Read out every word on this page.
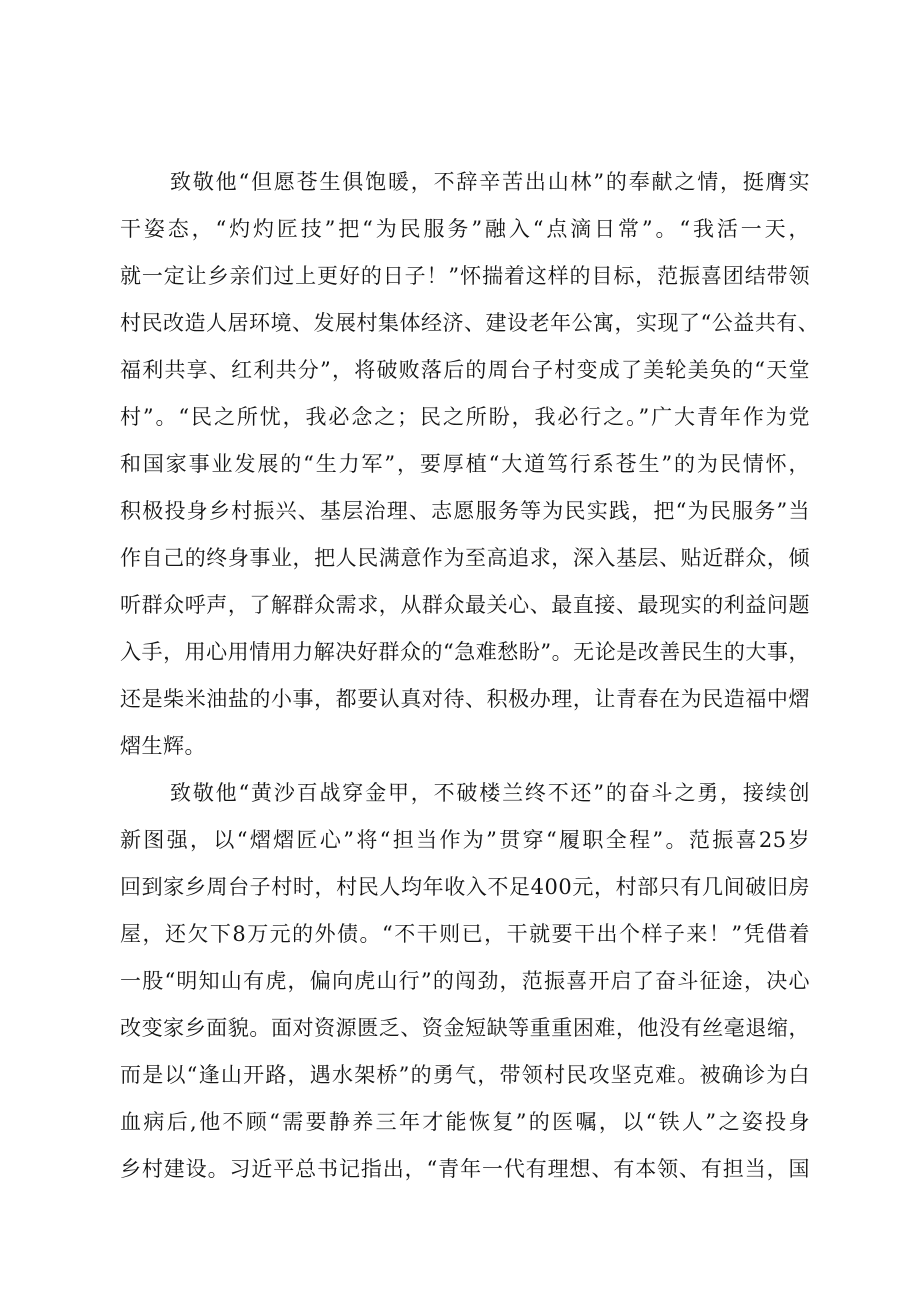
致敬他“但愿苍生俱饱暖，不辞辛苦出山林”的奉献之情，挺膺实
干姿态，“灼灼匠技”把“为民服务”融入“点滴日常”。“我活一天，
就一定让乡亲们过上更好的日子！”怀揣着这样的目标，范振喜团结带领
村民改造人居环境、发展村集体经济、建设老年公寓，实现了“公益共有、
福利共享、红利共分”，将破败落后的周台子村变成了美轮美奂的“天堂
村”。“民之所忧，我必念之；民之所盼，我必行之。”广大青年作为党
和国家事业发展的“生力军”，要厚植“大道笃行系苍生”的为民情怀，
积极投身乡村振兴、基层治理、志愿服务等为民实践，把“为民服务”当
作自己的终身事业，把人民满意作为至高追求，深入基层、贴近群众，倾
听群众呼声，了解群众需求，从群众最关心、最直接、最现实的利益问题
入手，用心用情用力解决好群众的“急难愁盼”。无论是改善民生的大事，
还是柴米油盐的小事，都要认真对待、积极办理，让青春在为民造福中熠
熠生辉。
致敬他“黄沙百战穿金甲，不破楼兰终不还”的奋斗之勇，接续创
新图强，以“熠熠匠心”将“担当作为”贯穿“履职全程”。范振喜25岁
回到家乡周台子村时，村民人均年收入不足400元，村部只有几间破旧房
屋，还欠下8万元的外债。“不干则已，干就要干出个样子来！”凭借着
一股“明知山有虎，偏向虎山行”的闯劲，范振喜开启了奋斗征途，决心
改变家乡面貌。面对资源匮乏、资金短缺等重重困难，他没有丝毫退缩，
而是以“逢山开路，遇水架桥”的勇气，带领村民攻坚克难。被确诊为白
血病后,他不顾“需要静养三年才能恢复”的医嘱，以“铁人”之姿投身
乡村建设。习近平总书记指出，“青年一代有理想、有本领、有担当，国
